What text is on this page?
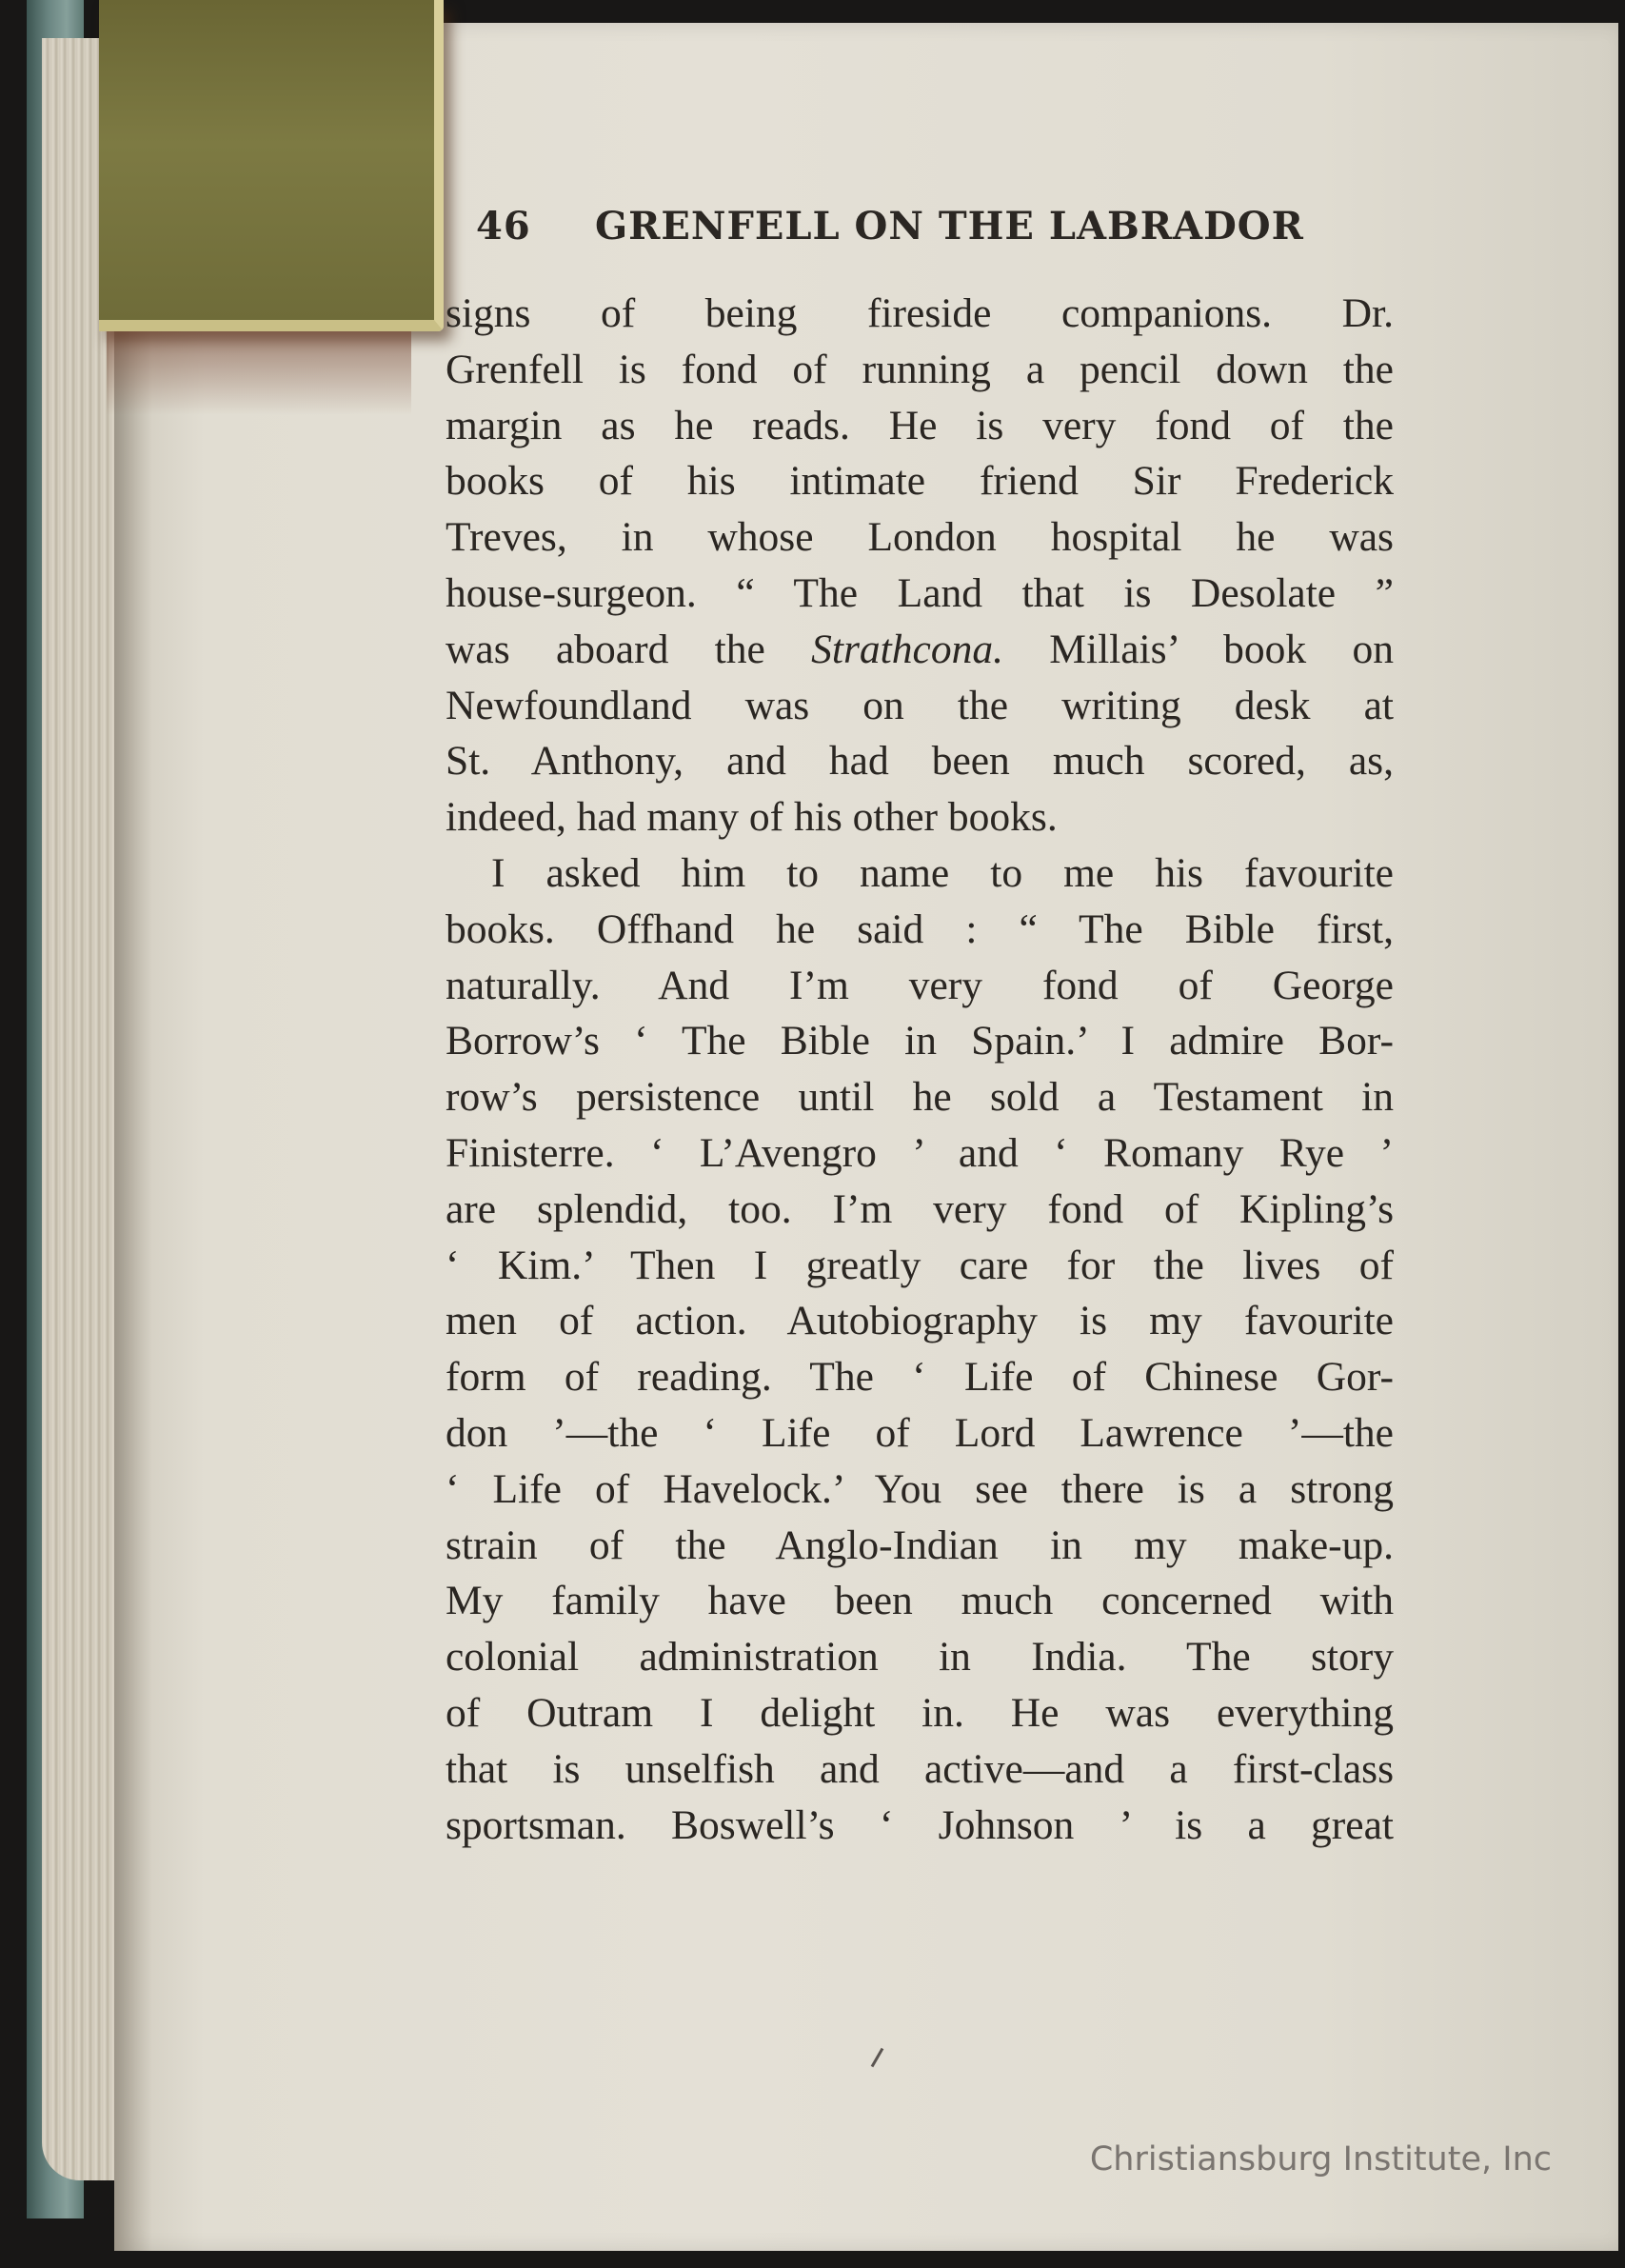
46 GRENFELL ON THE LABRADOR
signs of being fireside companions. Dr.
Grenfell is fond of running a pencil down the
margin as he reads. He is very fond of the
books of his intimate friend Sir Frederick
Treves, in whose London hospital he was
house-surgeon. “ The Land that is Desolate ”
was aboard the Strathcona. Millais’ book on
Newfoundland was on the writing desk at
St. Anthony, and had been much scored, as,
indeed, had many of his other books.
I asked him to name to me his favourite
books. Offhand he said : “ The Bible first,
naturally. And I’m very fond of George
Borrow’s ‘ The Bible in Spain.’ I admire Bor-
row’s persistence until he sold a Testament in
Finisterre. ‘ L’Avengro ’ and ‘ Romany Rye ’
are splendid, too. I’m very fond of Kipling’s
‘ Kim.’ Then I greatly care for the lives of
men of action. Autobiography is my favourite
form of reading. The ‘ Life of Chinese Gor-
don ’—the ‘ Life of Lord Lawrence ’—the
‘ Life of Havelock.’ You see there is a strong
strain of the Anglo-Indian in my make-up.
My family have been much concerned with
colonial administration in India. The story
of Outram I delight in. He was everything
that is unselfish and active—and a first-class
sportsman. Boswell’s ‘ Johnson ’ is a great
Christiansburg Institute, Inc
